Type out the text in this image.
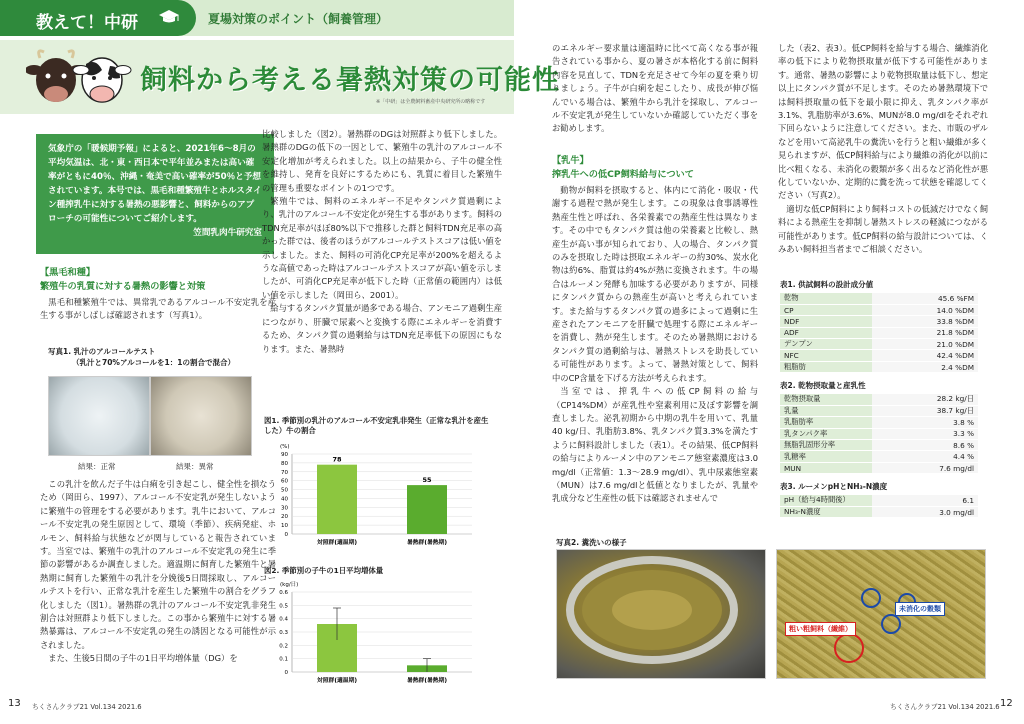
教えて！中研	夏場対策のポイント（飼養管理）
飼料から考える暑熱対策の可能性
※「中研」は全農飼料畜産中央研究所の略称です
気象庁の「暖候期予報」によると、2021年6～8月の平均気温は、北・東・西日本で平年並みまたは高い確率がともに40％、沖縄・奄美で高い確率が50％と予想されています。本号では、黒毛和種繁殖牛とホルスタイン種搾乳牛に対する暑熱の悪影響と、飼料からのアプローチの可能性についてご紹介します。
笠間乳肉牛研究室
【黒毛和種】
繁殖牛の乳質に対する暑熱の影響と対策

黒毛和種繁殖牛では、異常乳であるアルコール不安定乳を産生する事がしばしば確認されます（写真1）。

写真1. 乳汁のアルコールテスト
（乳汁と70%アルコールを1：1の割合で混合）
結果：正常	結果：異常

この乳汁を飲んだ子牛は白痢を引き起こし、健全性を損なうため（岡田ら、1997）、アルコール不安定乳が発生しないように繁殖牛の管理をする必要があります。乳牛において、アルコール不安定乳の発生原因として、環境（季節）、疾病発症、ホルモン、飼料給与状態などが関与していると報告されています。当室では、繁殖牛の乳汁のアルコール不安定乳の発生に季節の影響があるか調査しました。適温期に飼育した繁殖牛と暑熱期に飼育した繁殖牛の乳汁を分娩後5日間採取し、アルコールテストを行い、正常な乳汁を産生した繁殖牛の割合をグラフ化しました（図1）。暑熱群の乳汁のアルコール不安定乳非発生割合は対照群より低下しました。この事から繁殖牛に対する暑熱暴露は、アルコール不安定乳の発生の誘因となる可能性が示されました。

また、生後5日間の子牛の1日平均増体量（DG）を

比較しました（図2）。暑熱群のDGは対照群より低下しました。暑熱群のDGの低下の一因として、繁殖牛の乳汁のアルコール不安定化増加が考えられました。以上の結果から、子牛の健全性を維持し、発育を良好にするためにも、乳質に着目した繁殖牛の管理も重要なポイントの1つです。

繁殖牛では、飼料のエネルギー不足やタンパク質過剰により、乳汁のアルコール不安定化が発生する事があります。飼料のTDN充足率がほぼ80%以下で推移した群と飼料TDN充足率の高かった群では、後者のほうがアルコールテストスコアは低い値を示しました。また、飼料の可消化CP充足率が200%を超えるような高値であった時はアルコールテストスコアが高い値を示しましたが、可消化CP充足率が低下した時（正常値の範囲内）は低い値を示しました（岡田ら、2001）。

給与するタンパク質量が過多である場合、アンモニア過剰生産につながり、肝臓で尿素へと変換する際にエネルギーを消費するため、タンパク質の過剰給与はTDN充足率低下の原因にもなります。また、暑熱時

図1. 季節別の乳汁のアルコール不安定乳非発生（正常な乳汁を産生した）牛の割合
(%)
0
10
20
30
40
50
60
70
80
90
78
対照群(適温期)
55
暑熱群(暑熱期)
図2. 季節別の子牛の1日平均増体量
(kg/日)
0
0.1
0.2
0.3
0.4
0.5
0.6
対照群(適温期)	暑熱群(暑熱期)

のエネルギー要求量は適温時に比べて高くなる事が報告されている事から、夏の暑さが本格化する前に飼料内容を見直して、TDNを充足させて今年の夏を乗り切りましょう。子牛が白痢を起こしたり、成長が伸び悩んでいる場合は、繁殖牛から乳汁を採取し、アルコール不安定乳が発生していないか確認していただく事をお勧めします。

【乳牛】
搾乳牛への低CP飼料給与について

動物が飼料を摂取すると、体内にて消化・吸収・代謝する過程で熱が発生します。この現象は食事誘導性熱産生性と呼ばれ、各栄養素での熱産生性は異なります。その中でもタンパク質は他の栄養素と比較し、熱産生が高い事が知られており、人の場合、タンパク質のみを摂取した時は摂取エネルギーの約30%、炭水化物は約6%、脂質は約4%が熱に変換されます。牛の場合はルーメン発酵も加味する必要がありますが、同様にタンパク質からの熱産生が高いと考えられています。また給与するタンパク質の過多によって過剰に生産されたアンモニアを肝臓で処理する際にエネルギーを消費し、熱が発生します。そのため暑熱期におけるタンパク質の過剰給与は、暑熱ストレスを助長している可能性があります。よって、暑熱対策として、飼料中のCP含量を下げる方法が考えられます。

当室では、搾乳牛への低CP飼料の給与（CP14%DM）が産乳性や窒素利用に及ぼす影響を調査しました。泌乳初期から中期の乳牛を用いて、乳量40 kg/日、乳脂肪3.8%、乳タンパク質3.3%を満たすように飼料設計しました（表1）。その結果、低CP飼料の給与によりルーメン中のアンモニア態窒素濃度は3.0 mg/dl（正常値：1.3～28.9 mg/dl）、乳中尿素態窒素（MUN）は7.6 mg/dlと低値となりましたが、乳量や乳成分など生産性の低下は確認されませんで

した（表2、表3）。低CP飼料を給与する場合、繊維消化率の低下により乾物摂取量が低下する可能性があります。通常、暑熱の影響により乾物摂取量は低下し、想定以上にタンパク質が不足します。そのため暑熱環境下では飼料摂取量の低下を最小限に抑え、乳タンパク率が3.1%、乳脂肪率が3.6%、MUNが8.0 mg/dlをそれぞれ下回らないように注意してください。また、市販のザルなどを用いて高泌乳牛の糞洗いを行うと粗い繊維が多く見られますが、低CP飼料給与により繊維の消化が以前に比べ粗くなる、未消化の穀類が多く出るなど消化性が悪化していないか、定期的に糞を洗って状態を確認してください（写真2）。

適切な低CP飼料により飼料コストの低減だけでなく飼料による熱産生を抑制し暑熱ストレスの軽減につながる可能性があります。低CP飼料の給与設計については、くみあい飼料担当者までご相談ください。

表1. 供試飼料の設計成分値
乾物	45.6 %FM
CP	14.0 %DM
NDF	33.8 %DM
ADF	21.8 %DM
デンプン	21.0 %DM
NFC	42.4 %DM
粗脂肪	2.4 %DM
表2. 乾物摂取量と産乳性
乾物摂取量	28.2 kg/日
乳量	38.7 kg/日
乳脂肪率	3.8 %
乳タンパク率	3.3 %
無脂乳固形分率	8.6 %
乳糖率	4.4 %
MUN	7.6 mg/dl
表3. ルーメンpHとNH₃-N濃度
pH（給与4時間後）	6.1
NH₃-N濃度	3.0 mg/dl
写真2. 糞洗いの様子
未消化の穀類
粗い粗飼料（繊維）
13 ちくさんクラブ21 Vol.134 2021.6	ちくさんクラブ21 Vol.134 2021.6 12
